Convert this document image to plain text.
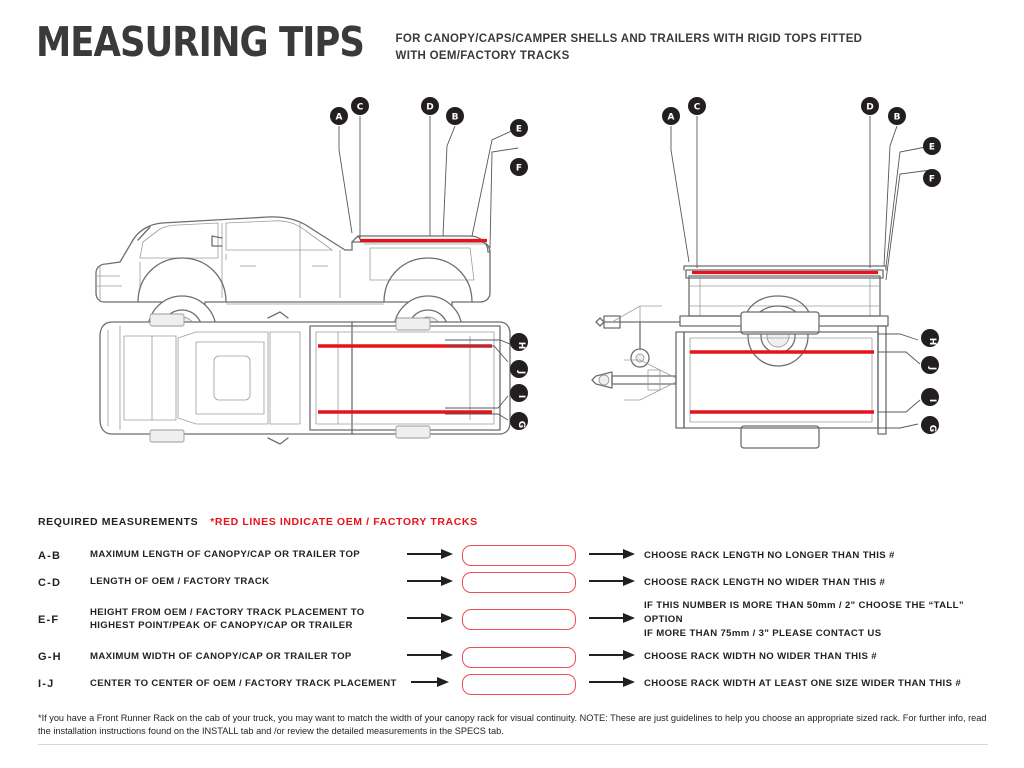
MEASURING TIPS	FOR CANOPY/CAPS/CAMPER SHELLS AND TRAILERS WITH RIGID TOPS FITTED
WITH OEM/FACTORY TRACKS
A
C	D
B
E
F
A
C	D
B
E
F
H
J
I
G
H
J
I
G
REQUIRED MEASUREMENTS *RED LINES INDICATE OEM / FACTORY TRACKS
A-B	MAXIMUM LENGTH OF CANOPY/CAP OR TRAILER TOP				CHOOSE RACK LENGTH NO LONGER THAN THIS #

C-D	LENGTH OF OEM / FACTORY TRACK				CHOOSE RACK LENGTH NO WIDER THAN THIS #

E-F	HEIGHT FROM OEM / FACTORY TRACK PLACEMENT TO HIGHEST POINT/PEAK OF CANOPY/CAP OR TRAILER				IF THIS NUMBER IS MORE THAN 50mm / 2" CHOOSE THE “TALL” OPTION
IF MORE THAN 75mm / 3" PLEASE CONTACT US

G-H	MAXIMUM WIDTH OF CANOPY/CAP OR TRAILER TOP				CHOOSE RACK WIDTH NO WIDER THAN THIS #

I-J	CENTER TO CENTER OF OEM / FACTORY TRACK PLACEMENT				CHOOSE RACK WIDTH AT LEAST ONE SIZE WIDER THAN THIS #
*If you have a Front Runner Rack on the cab of your truck, you may want to match the width of your canopy rack for visual continuity. NOTE: These are just guidelines to help you choose an appropriate sized rack. For further info, read the installation instructions found on the INSTALL tab and /or review the detailed measurements in the SPECS tab.
